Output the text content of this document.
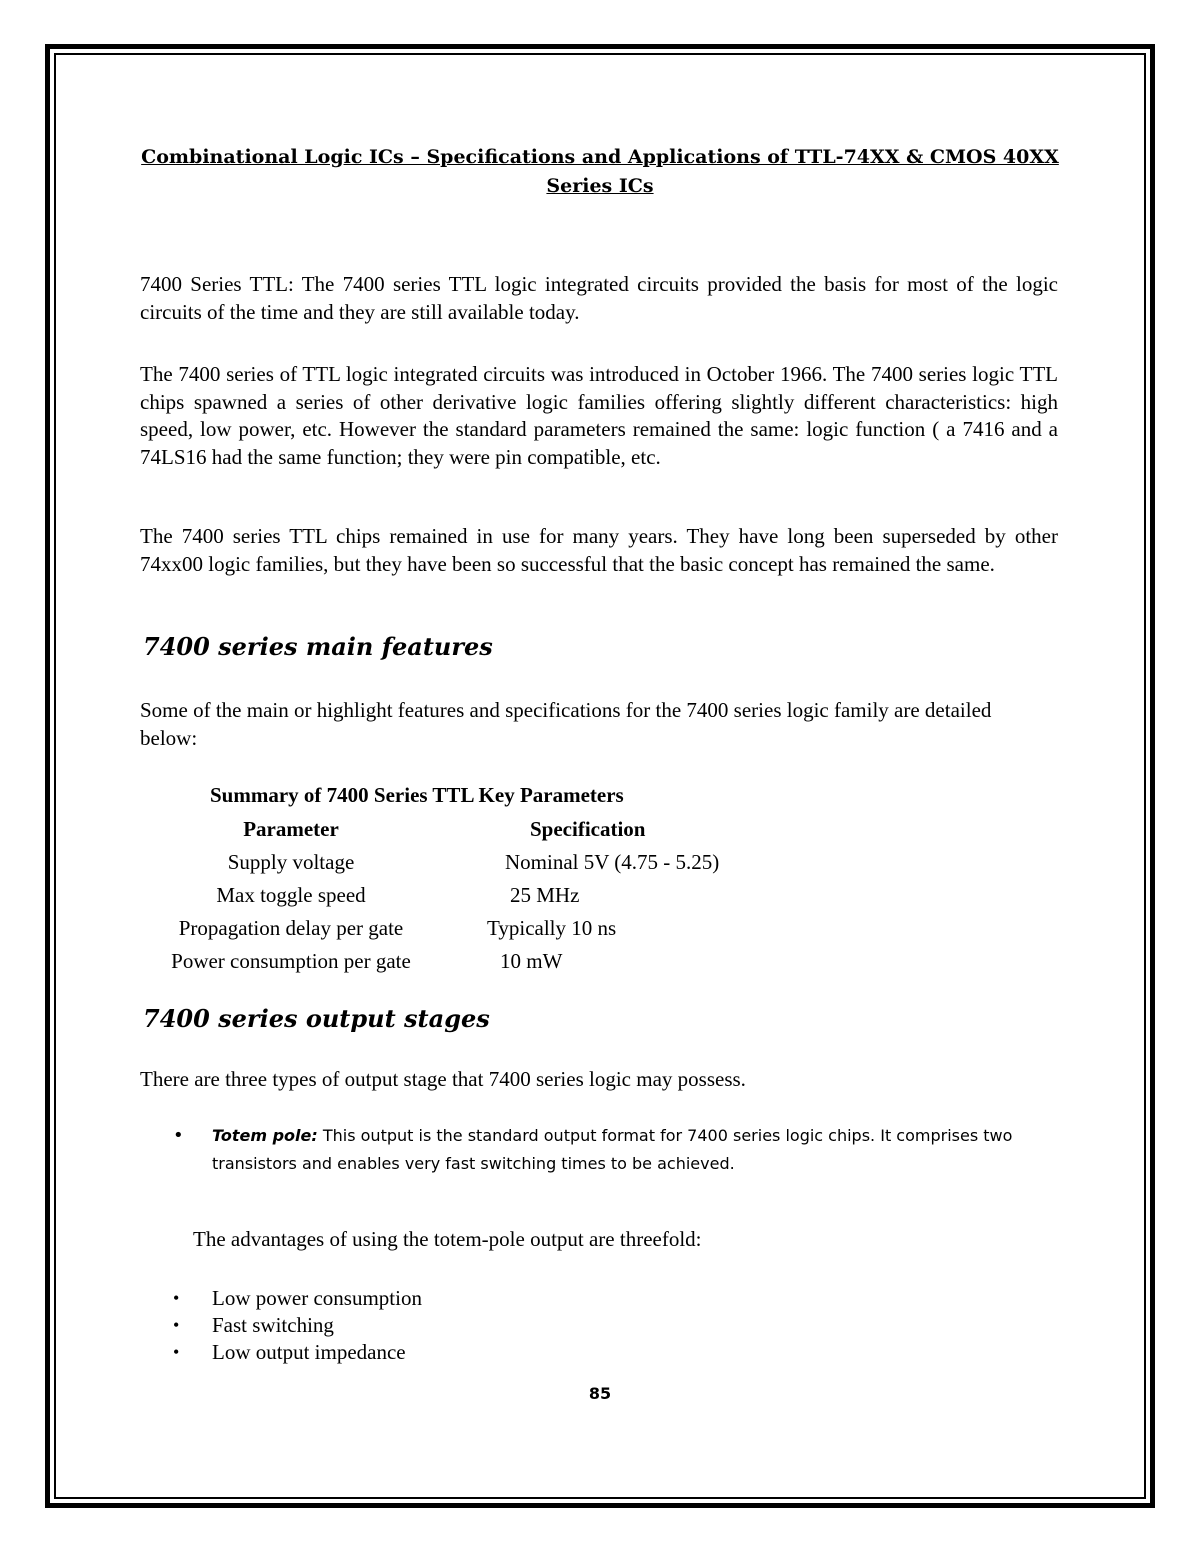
Combinational Logic ICs – Specifications and Applications of TTL-74XX & CMOS 40XX Series ICs
7400 Series TTL: The 7400 series TTL logic integrated circuits provided the basis for most of the logic circuits of the time and they are still available today.
The 7400 series of TTL logic integrated circuits was introduced in October 1966. The 7400 series logic TTL chips spawned a series of other derivative logic families offering slightly different characteristics: high speed, low power, etc. However the standard parameters remained the same: logic function ( a 7416 and a 74LS16 had the same function; they were pin compatible, etc.
The 7400 series TTL chips remained in use for many years. They have long been superseded by other 74xx00 logic families, but they have been so successful that the basic concept has remained the same.
7400 series main features
Some of the main or highlight features and specifications for the 7400 series logic family are detailed below:
Summary of 7400 Series TTL Key Parameters
Parameter	Specification
Supply voltage	Nominal 5V (4.75 - 5.25)
Max toggle speed	25 MHz
Propagation delay per gate	Typically 10 ns
Power consumption per gate	10 mW
7400 series output stages
There are three types of output stage that 7400 series logic may possess.
• Totem pole: This output is the standard output format for 7400 series logic chips. It comprises two transistors and enables very fast switching times to be achieved.
The advantages of using the totem-pole output are threefold:
• Low power consumption
• Fast switching
• Low output impedance
85
